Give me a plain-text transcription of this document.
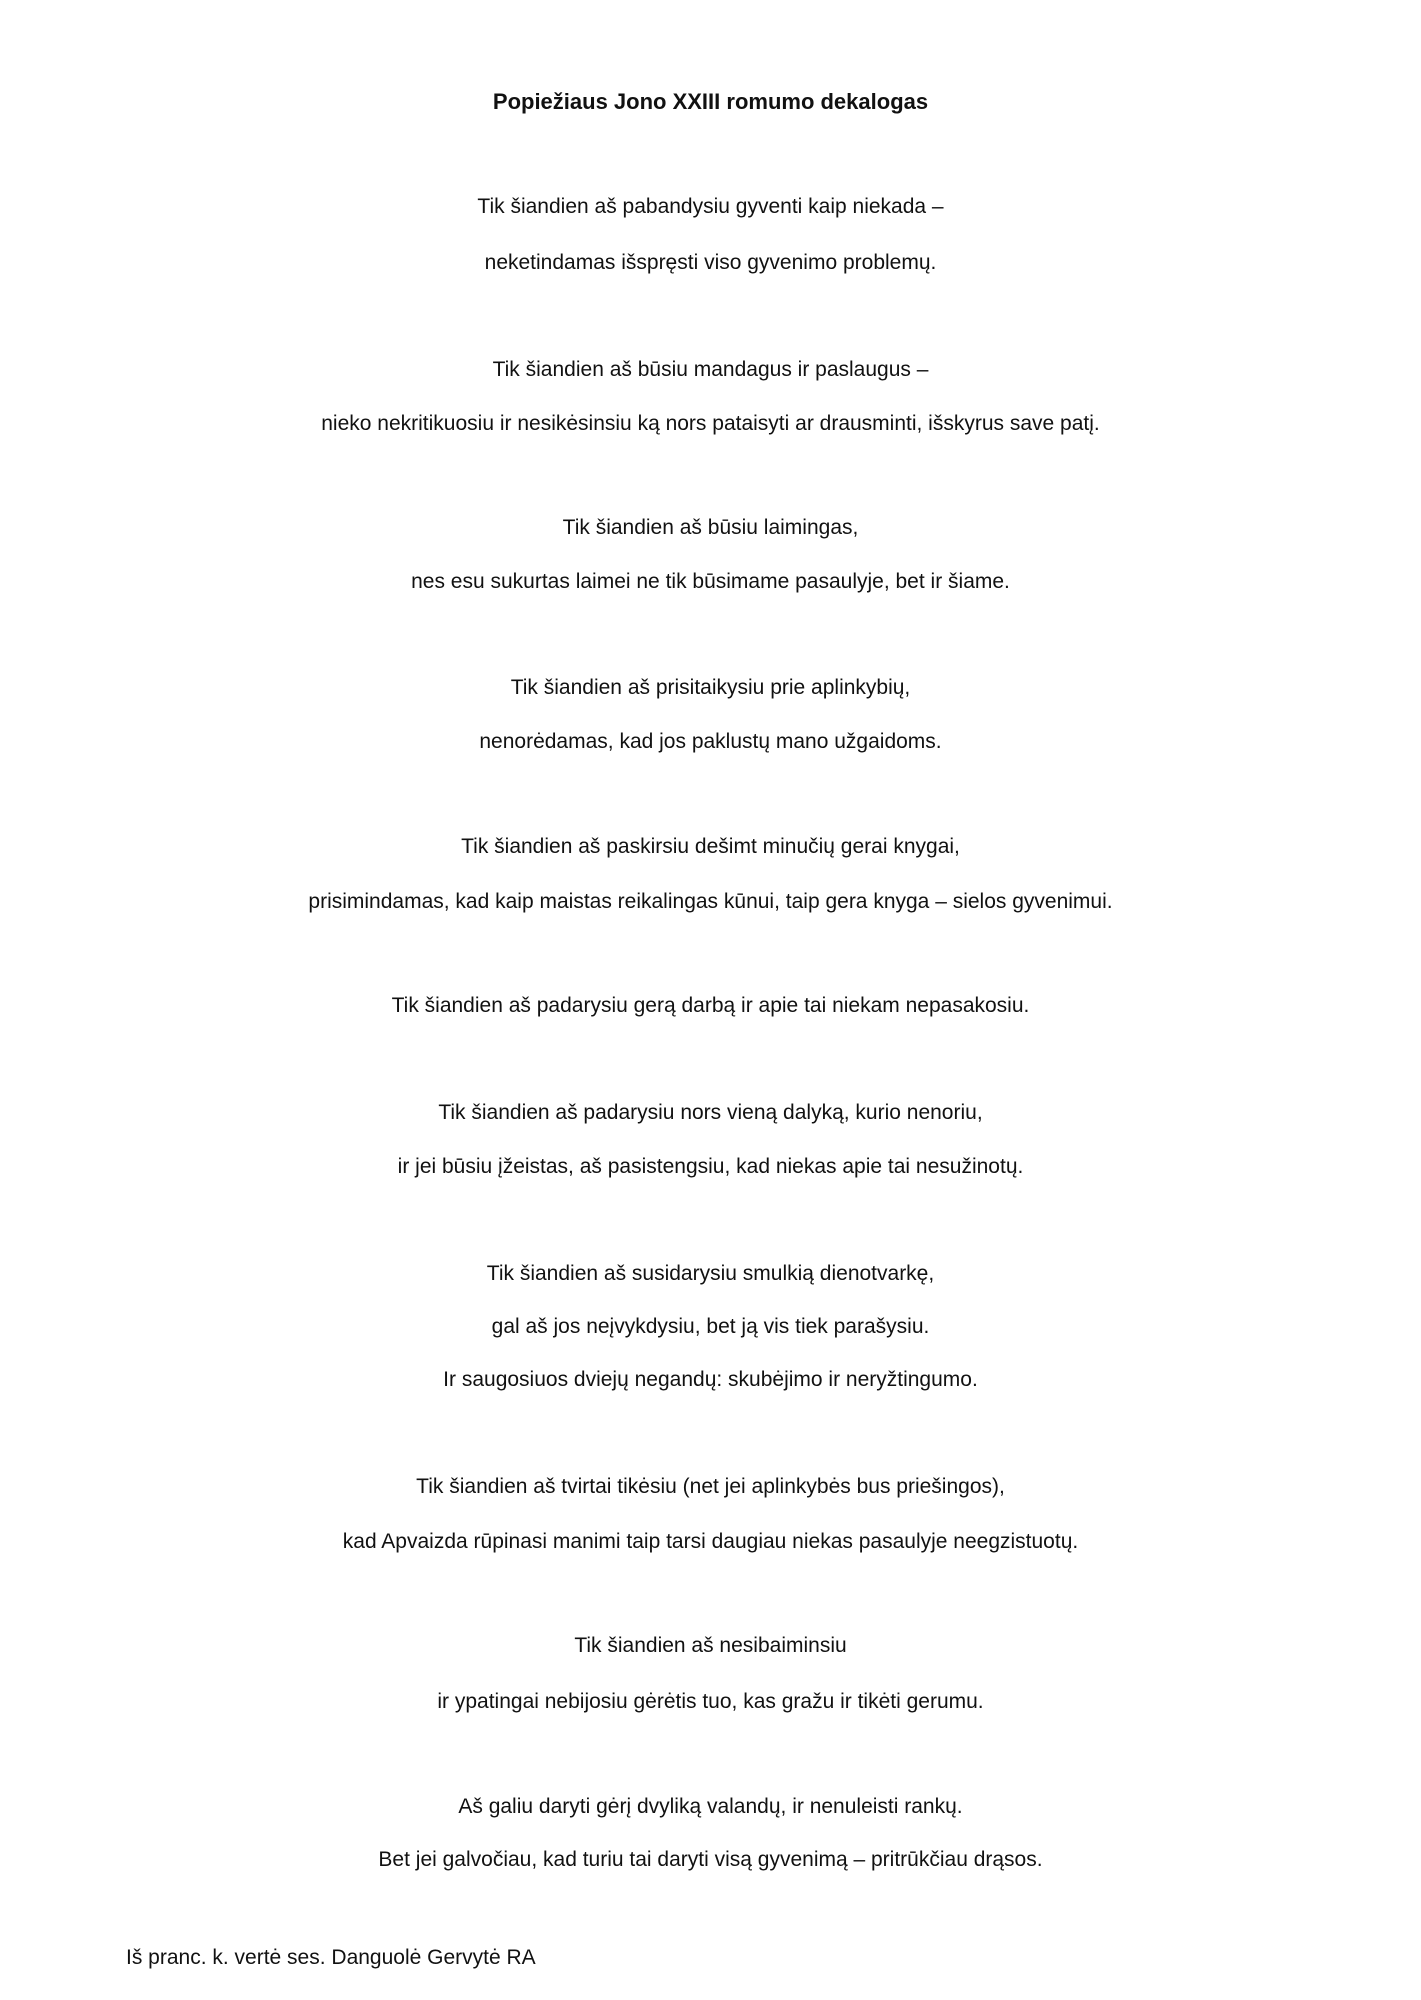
Popiežiaus Jono XXIII romumo dekalogas
Tik šiandien aš pabandysiu gyventi kaip niekada –
neketindamas išspręsti viso gyvenimo problemų.
Tik šiandien aš būsiu mandagus ir paslaugus –
nieko nekritikuosiu ir nesikėsinsiu ką nors pataisyti ar drausminti, išskyrus save patį.
Tik šiandien aš būsiu laimingas,
nes esu sukurtas laimei ne tik būsimame pasaulyje, bet ir šiame.
Tik šiandien aš prisitaikysiu prie aplinkybių,
nenorėdamas, kad jos paklustų mano užgaidoms.
Tik šiandien aš paskirsiu dešimt minučių gerai knygai,
prisimindamas, kad kaip maistas reikalingas kūnui, taip gera knyga – sielos gyvenimui.
Tik šiandien aš padarysiu gerą darbą ir apie tai niekam nepasakosiu.
Tik šiandien aš padarysiu nors vieną dalyką, kurio nenoriu,
ir jei būsiu įžeistas, aš pasistengsiu, kad niekas apie tai nesužinotų.
Tik šiandien aš susidarysiu smulkią dienotvarkę,
gal aš jos neįvykdysiu, bet ją vis tiek parašysiu.
Ir saugosiuos dviejų negandų: skubėjimo ir neryžtingumo.
Tik šiandien aš tvirtai tikėsiu (net jei aplinkybės bus priešingos),
kad Apvaizda rūpinasi manimi taip tarsi daugiau niekas pasaulyje neegzistuotų.
Tik šiandien aš nesibaiminsiu
ir ypatingai nebijosiu gėrėtis tuo, kas gražu ir tikėti gerumu.
Aš galiu daryti gėrį dvyliką valandų, ir nenuleisti rankų.
Bet jei galvočiau, kad turiu tai daryti visą gyvenimą – pritrūkčiau drąsos.
Iš pranc. k. vertė ses. Danguolė Gervytė RA
